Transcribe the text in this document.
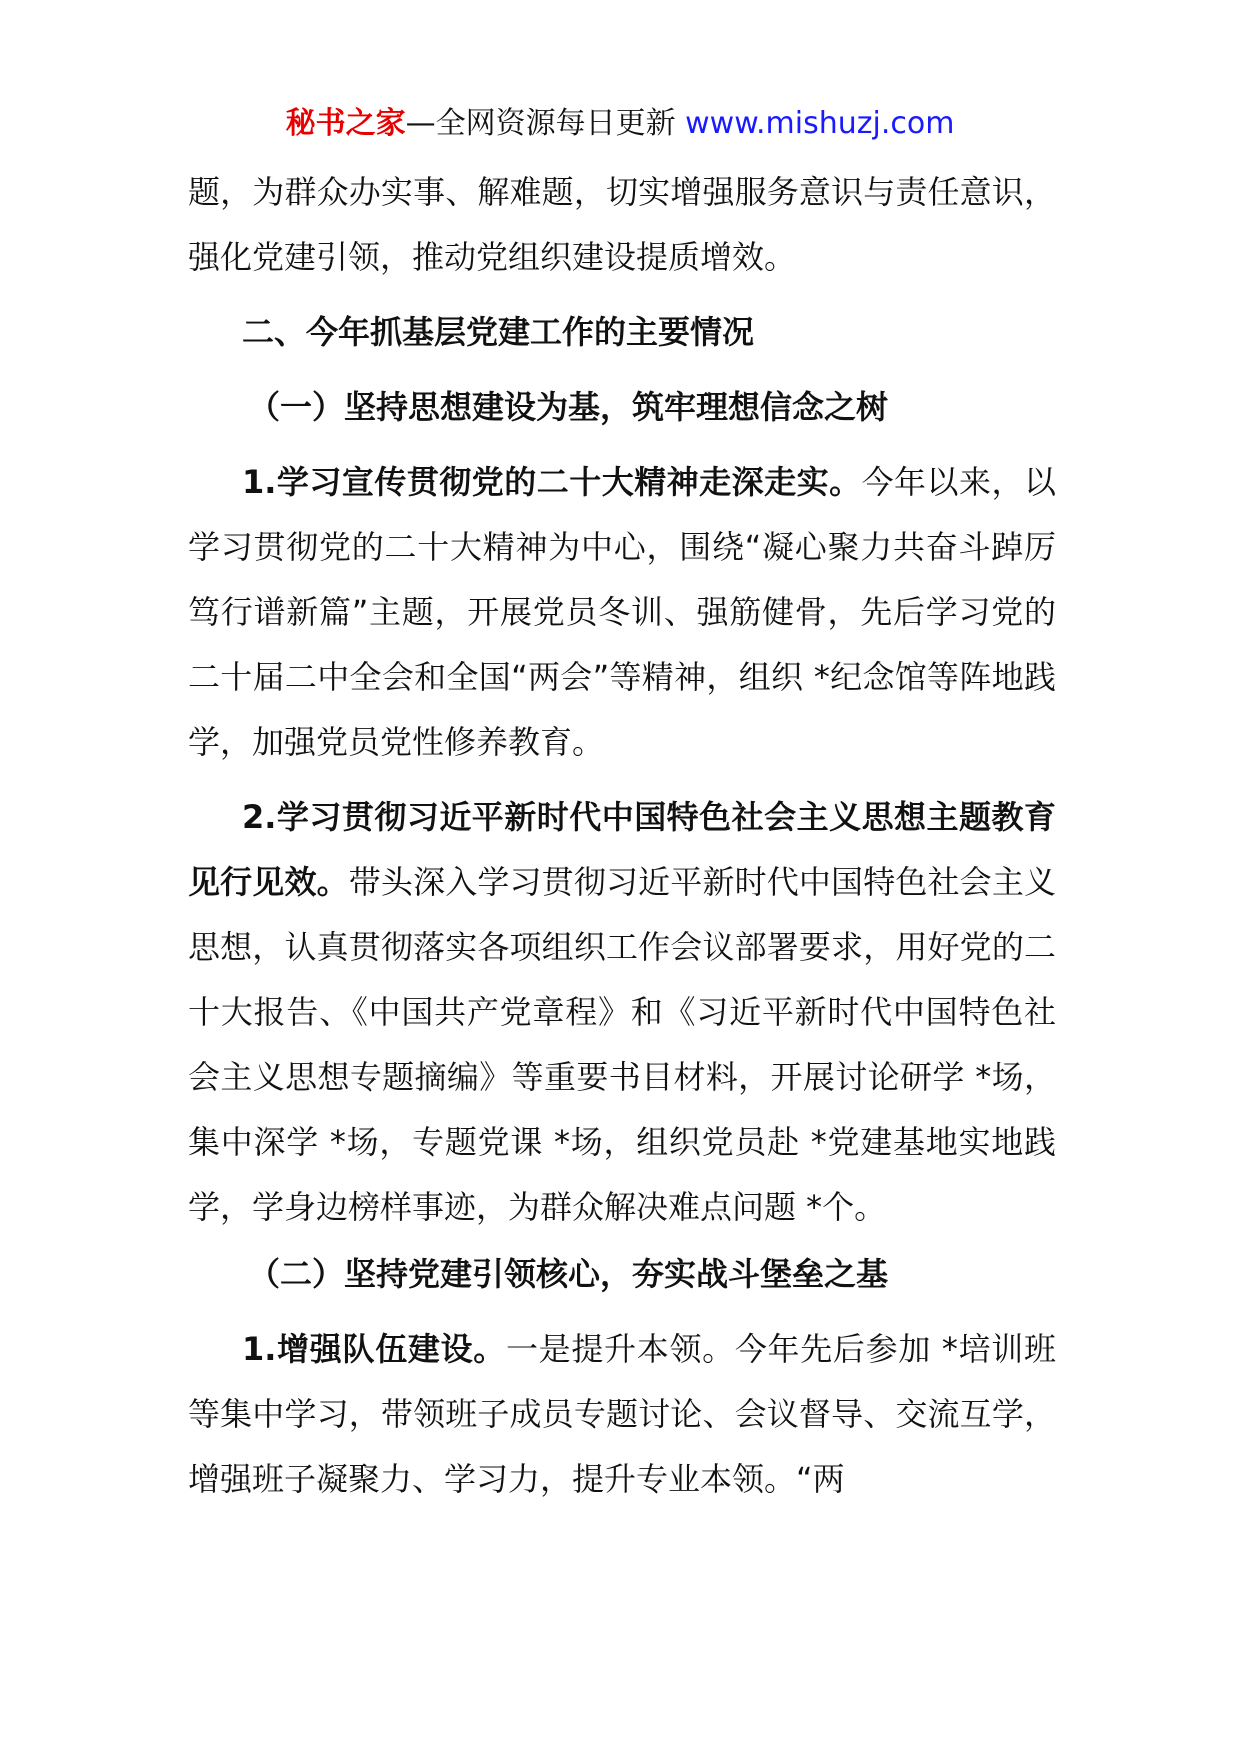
秘书之家—全网资源每日更新 www.mishuzj.com

题，为群众办实事、解难题，切实增强服务意识与责任意识，强化党建引领，推动党组织建设提质增效。

二、今年抓基层党建工作的主要情况

（一）坚持思想建设为基，筑牢理想信念之树

1.学习宣传贯彻党的二十大精神走深走实。今年以来，以学习贯彻党的二十大精神为中心，围绕“凝心聚力共奋斗踔厉笃行谱新篇”主题，开展党员冬训、强筋健骨，先后学习党的二十届二中全会和全国“两会”等精神，组织 *纪念馆等阵地践学，加强党员党性修养教育。

2.学习贯彻习近平新时代中国特色社会主义思想主题教育见行见效。带头深入学习贯彻习近平新时代中国特色社会主义思想，认真贯彻落实各项组织工作会议部署要求，用好党的二十大报告、《中国共产党章程》和《习近平新时代中国特色社会主义思想专题摘编》等重要书目材料，开展讨论研学 *场，集中深学 *场，专题党课 *场，组织党员赴 *党建基地实地践学，学身边榜样事迹，为群众解决难点问题 *个。

（二）坚持党建引领核心，夯实战斗堡垒之基

1.增强队伍建设。一是提升本领。今年先后参加 *培训班等集中学习，带领班子成员专题讨论、会议督导、交流互学，增强班子凝聚力、学习力，提升专业本领。“两
